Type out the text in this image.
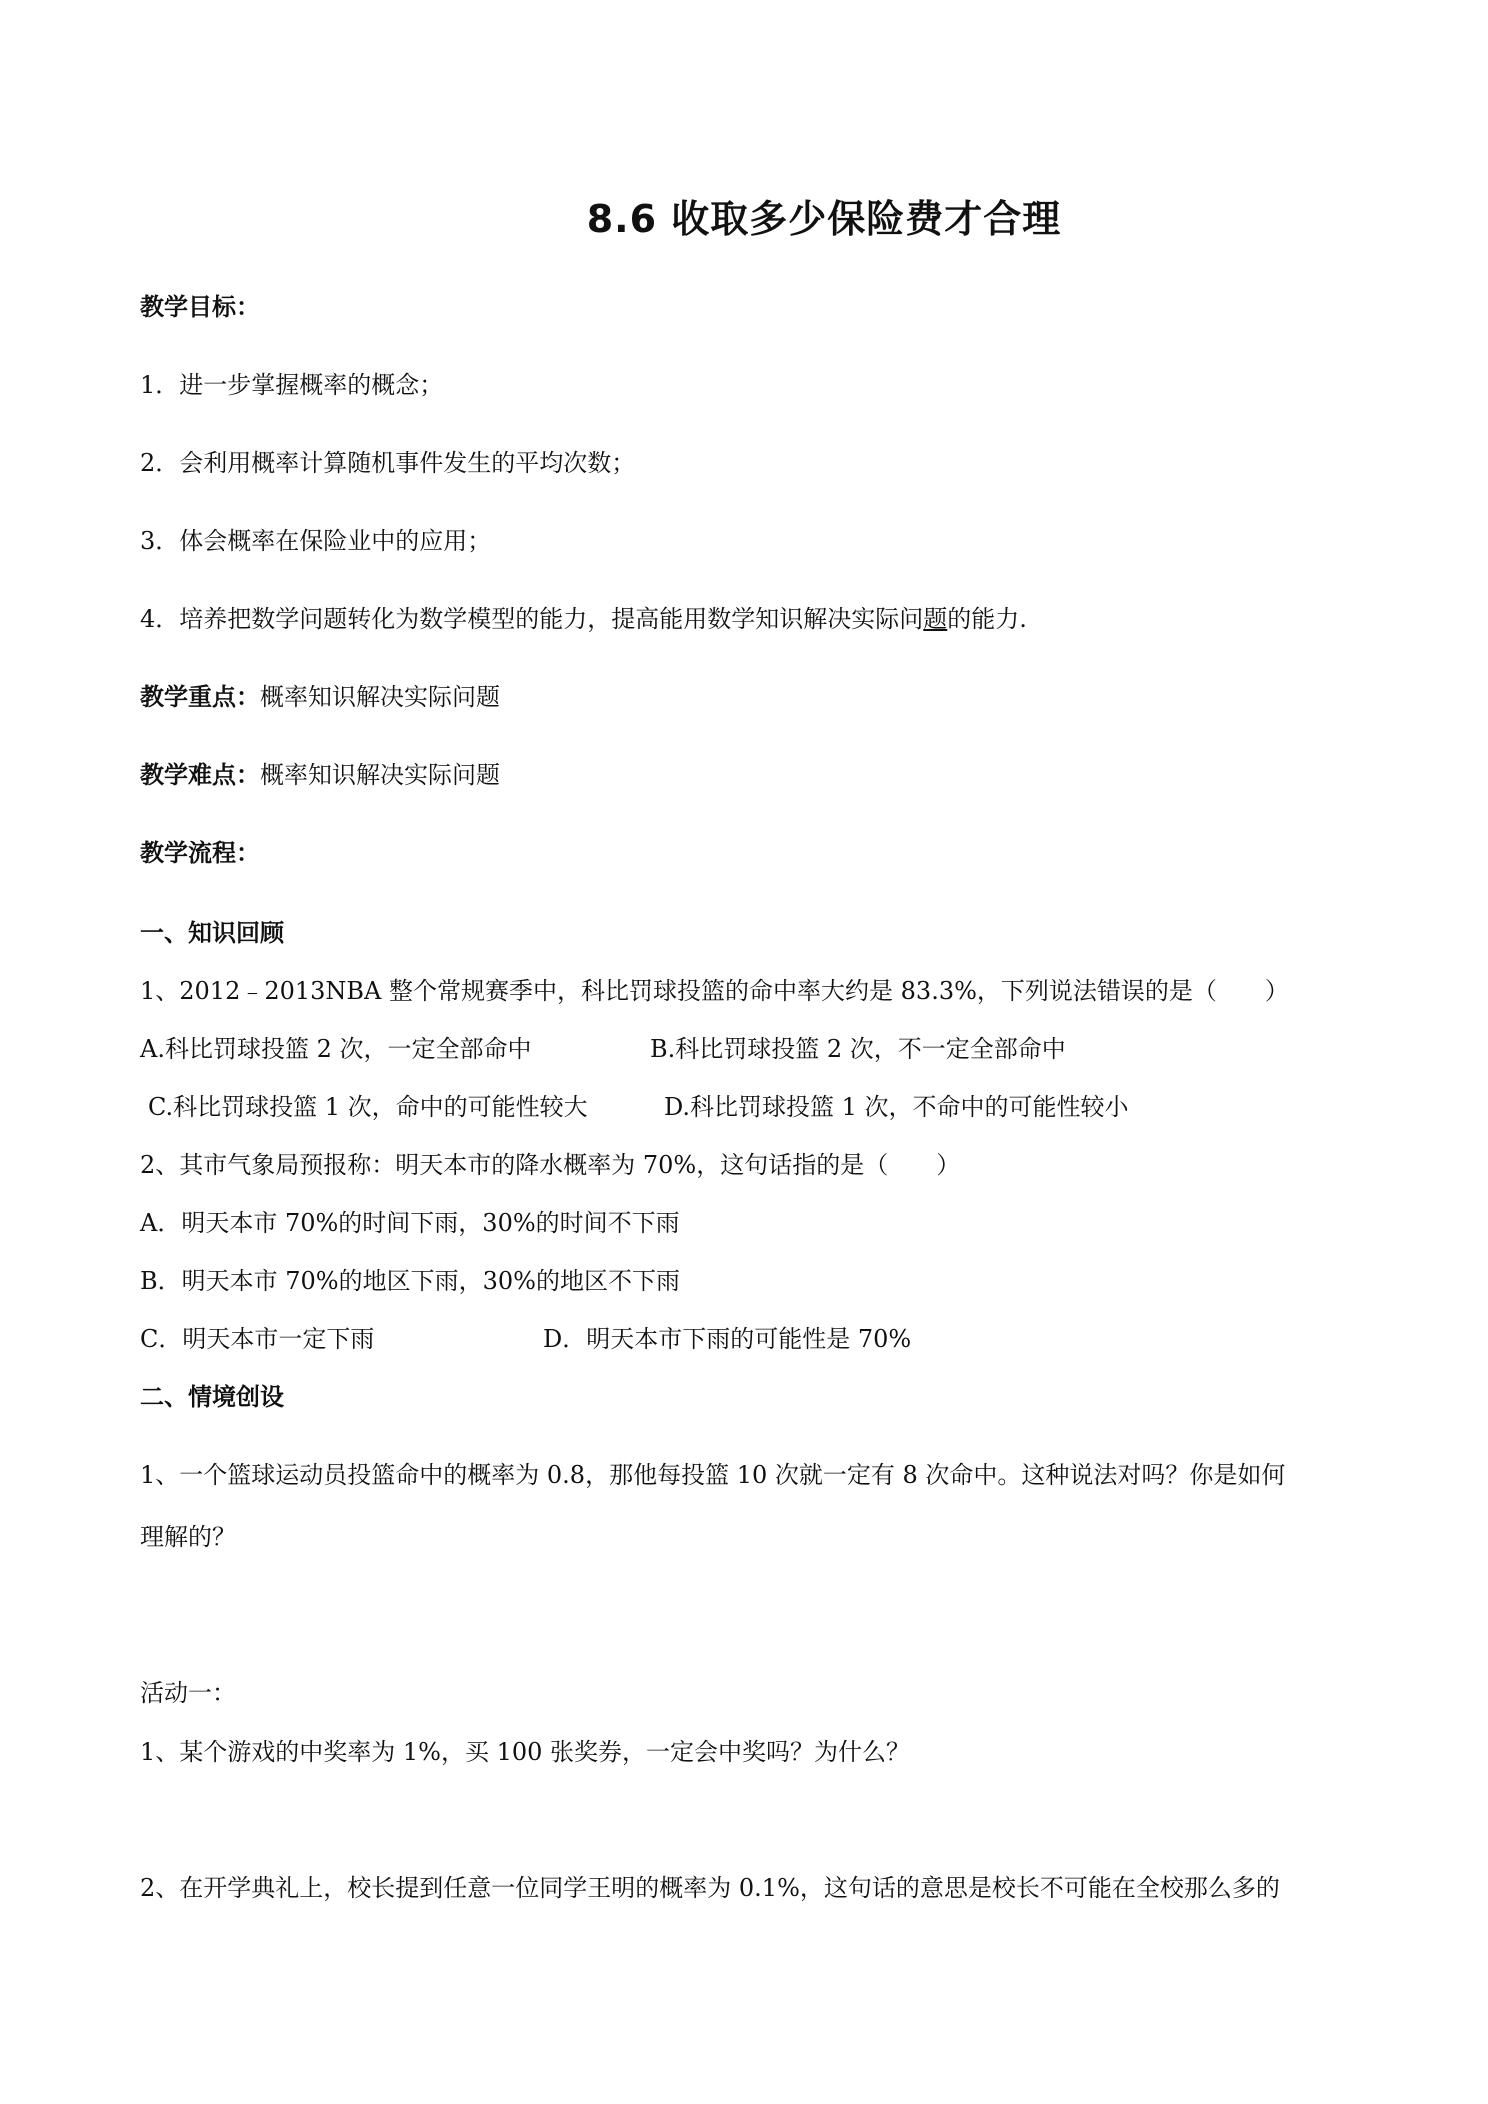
8.6 收取多少保险费才合理
教学目标：
1．进一步掌握概率的概念；
2．会利用概率计算随机事件发生的平均次数；
3．体会概率在保险业中的应用；
4．培养把数学问题转化为数学模型的能力，提高能用数学知识解决实际问题的能力.
教学重点：概率知识解决实际问题
教学难点：概率知识解决实际问题
教学流程：
一、知识回顾
1、2012﹣2013NBA 整个常规赛季中，科比罚球投篮的命中率大约是 83.3%，下列说法错误的是（　　）
A.科比罚球投篮 2 次，一定全部命中	B.科比罚球投篮 2 次，不一定全部命中
C.科比罚球投篮 1 次，命中的可能性较大	D.科比罚球投篮 1 次，不命中的可能性较小
2、其市气象局预报称：明天本市的降水概率为 70%，这句话指的是（　　）
A．明天本市 70%的时间下雨，30%的时间不下雨
B．明天本市 70%的地区下雨，30%的地区不下雨
C．明天本市一定下雨	D．明天本市下雨的可能性是 70%
二、情境创设
1、一个篮球运动员投篮命中的概率为 0.8，那他每投篮 10 次就一定有 8 次命中。这种说法对吗？你是如何
理解的？
活动一：
1、某个游戏的中奖率为 1%，买 100 张奖券，一定会中奖吗？为什么？
2、在开学典礼上，校长提到任意一位同学王明的概率为 0.1%，这句话的意思是校长不可能在全校那么多的
